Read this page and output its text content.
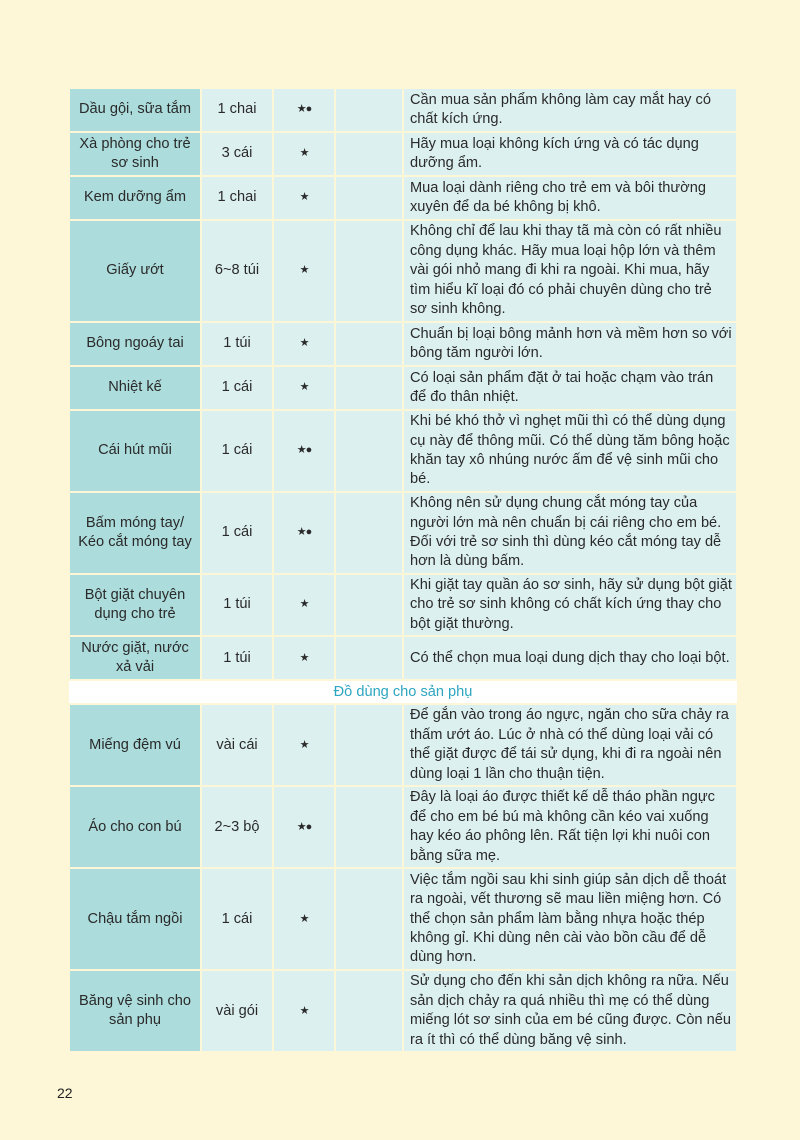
Dầu gội, sữa tắm	1 chai	★●		Cần mua sản phẩm không làm cay mắt hay có chất kích ứng.
Xà phòng cho trẻ sơ sinh	3 cái	★		Hãy mua loại không kích ứng và có tác dụng dưỡng ẩm.
Kem dưỡng ẩm	1 chai	★		Mua loại dành riêng cho trẻ em và bôi thường xuyên để da bé không bị khô.
Giấy ướt	6~8 túi	★		Không chỉ để lau khi thay tã mà còn có rất nhiều công dụng khác. Hãy mua loại hộp lớn và thêm vài gói nhỏ mang đi khi ra ngoài. Khi mua, hãy tìm hiểu kĩ loại đó có phải chuyên dùng cho trẻ sơ sinh không.
Bông ngoáy tai	1 túi	★		Chuẩn bị loại bông mảnh hơn và mềm hơn so với bông tăm người lớn.
Nhiệt kế	1 cái	★		Có loại sản phẩm đặt ở tai hoặc chạm vào trán để đo thân nhiệt.
Cái hút mũi	1 cái	★●		Khi bé khó thở vì nghẹt mũi thì có thể dùng dụng cụ này để thông mũi. Có thể dùng tăm bông hoặc khăn tay xô nhúng nước ấm để vệ sinh mũi cho bé.
Bấm móng tay/ Kéo cắt móng tay	1 cái	★●		Không nên sử dụng chung cắt móng tay của người lớn mà nên chuẩn bị cái riêng cho em bé. Đối với trẻ sơ sinh thì dùng kéo cắt móng tay dễ hơn là dùng bấm.
Bột giặt chuyên dụng cho trẻ	1 túi	★		Khi giặt tay quần áo sơ sinh, hãy sử dụng bột giặt cho trẻ sơ sinh không có chất kích ứng thay cho bột giặt thường.
Nước giặt, nước xả vải	1 túi	★		Có thể chọn mua loại dung dịch thay cho loại bột.
Đồ dùng cho sản phụ				
Miếng đệm vú	vài cái	★		Để gắn vào trong áo ngực, ngăn cho sữa chảy ra thấm ướt áo. Lúc ở nhà có thể dùng loại vải có thể giặt được để tái sử dụng, khi đi ra ngoài nên dùng loại 1 lần cho thuận tiện.
Áo cho con bú	2~3 bộ	★●		Đây là loại áo được thiết kế dễ tháo phần ngực để cho em bé bú mà không cần kéo vai xuống hay kéo áo phông lên. Rất tiện lợi khi nuôi con bằng sữa mẹ.
Chậu tắm ngồi	1 cái	★		Việc tắm ngồi sau khi sinh giúp sản dịch dễ thoát ra ngoài, vết thương sẽ mau liền miệng hơn. Có thể chọn sản phẩm làm bằng nhựa hoặc thép không gỉ. Khi dùng nên cài vào bồn cầu để dễ dùng hơn.
Băng vệ sinh cho sản phụ	vài gói	★		Sử dụng cho đến khi sản dịch không ra nữa. Nếu sản dịch chảy ra quá nhiều thì mẹ có thể dùng miếng lót sơ sinh của em bé cũng được. Còn nếu ra ít thì có thể dùng băng vệ sinh.
22
